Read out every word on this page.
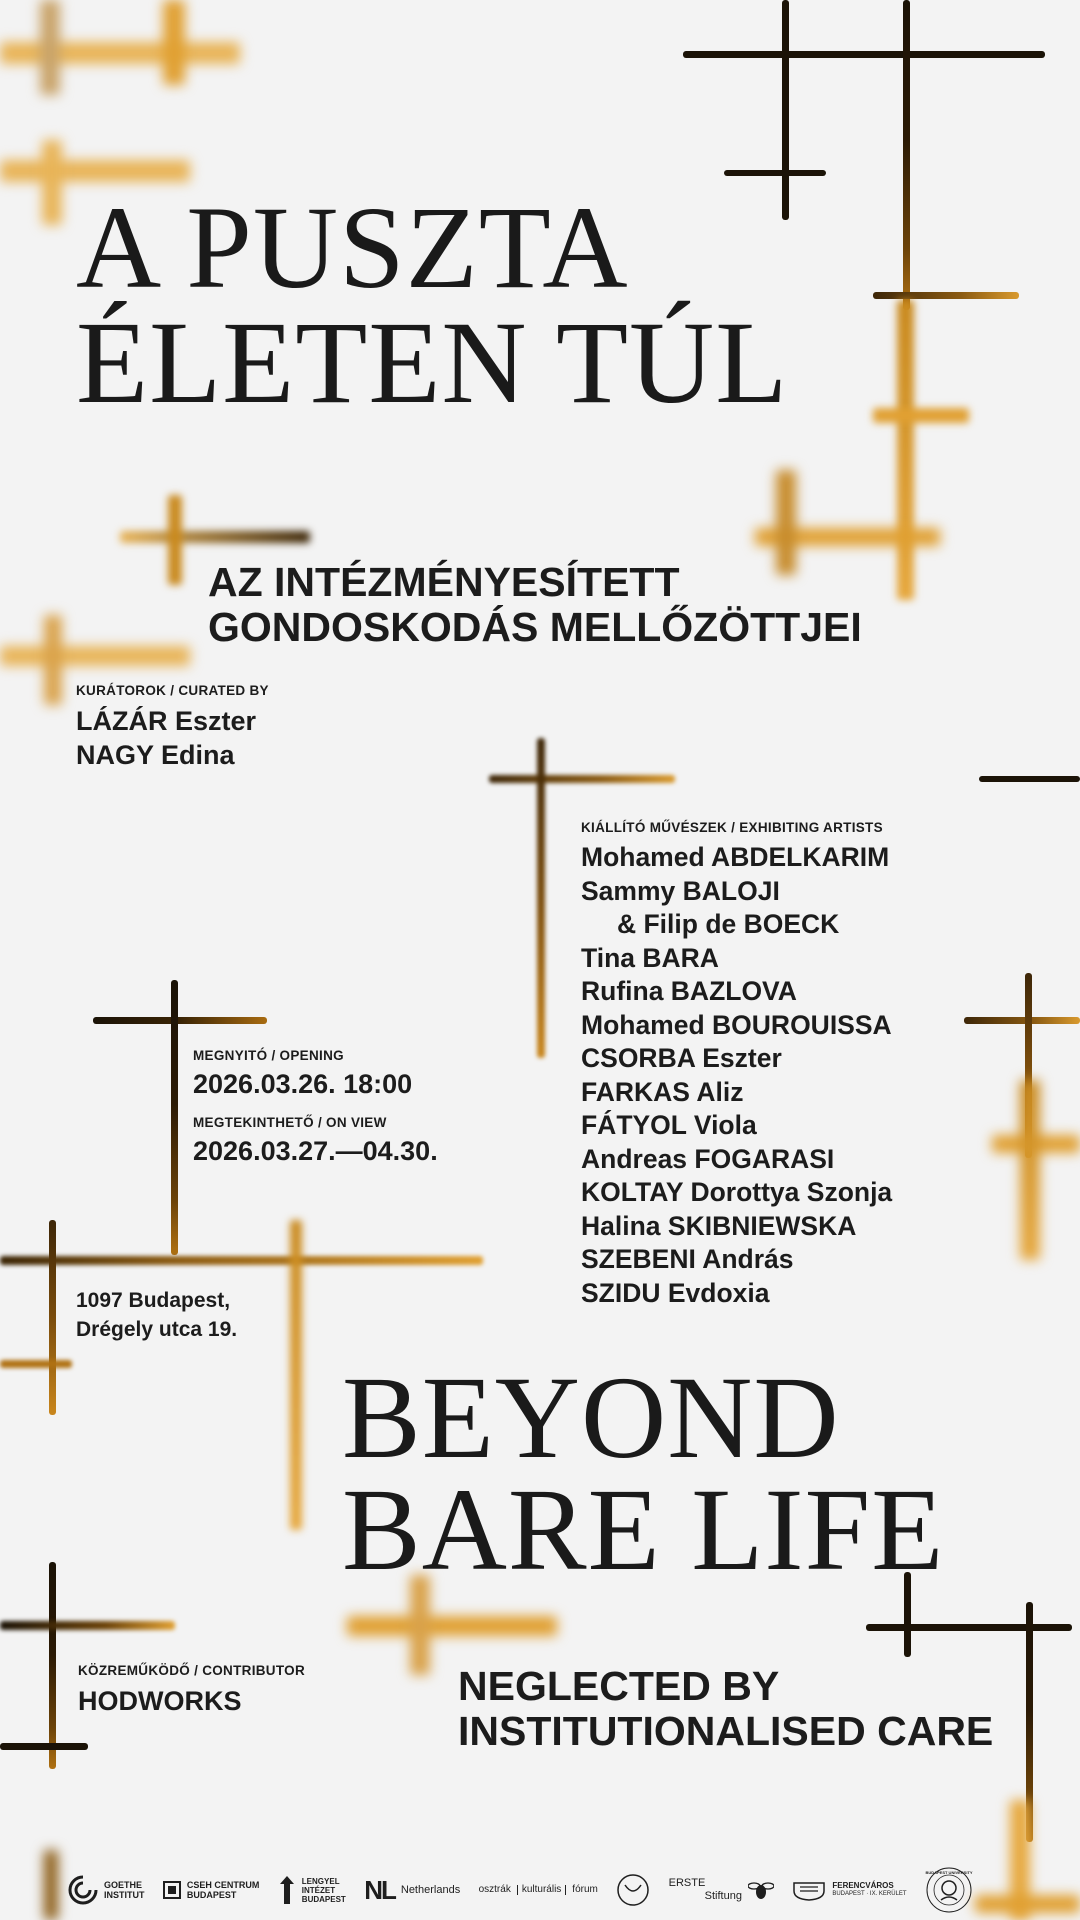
A PUSZTA
ÉLETEN TÚL
AZ INTÉZMÉNYESÍTETT
GONDOSKODÁS MELLŐZÖTTJEI
KURÁTOROK / CURATED BY
LÁZÁR Eszter
NAGY Edina
KIÁLLÍTÓ MŰVÉSZEK / EXHIBITING ARTISTS
Mohamed ABDELKARIM
Sammy BALOJI
& Filip de BOECK
Tina BARA
Rufina BAZLOVA
Mohamed BOUROUISSA
CSORBA Eszter
FARKAS Aliz
FÁTYOL Viola
Andreas FOGARASI
KOLTAY Dorottya Szonja
Halina SKIBNIEWSKA
SZEBENI András
SZIDU Evdoxia
MEGNYITÓ / OPENING
2026.03.26. 18:00
MEGTEKINTHETŐ / ON VIEW
2026.03.27.—04.30.
1097 Budapest,
Drégely utca 19.
BEYOND
BARE LIFE
KÖZREMŰKÖDŐ / CONTRIBUTOR
HODWORKS	NEGLECTED BY
INSTITUTIONALISED CARE
GOETHE
INSTITUT
CSEH CENTRUM
BUDAPEST
LENGYEL
INTÉZET
BUDAPEST NL Netherlands osztrák	kulturális	fórum
ERSTE
Stiftung
FERENCVÁROS
BUDAPEST · IX. KERÜLET
BUDAPEST UNIVERSITY
